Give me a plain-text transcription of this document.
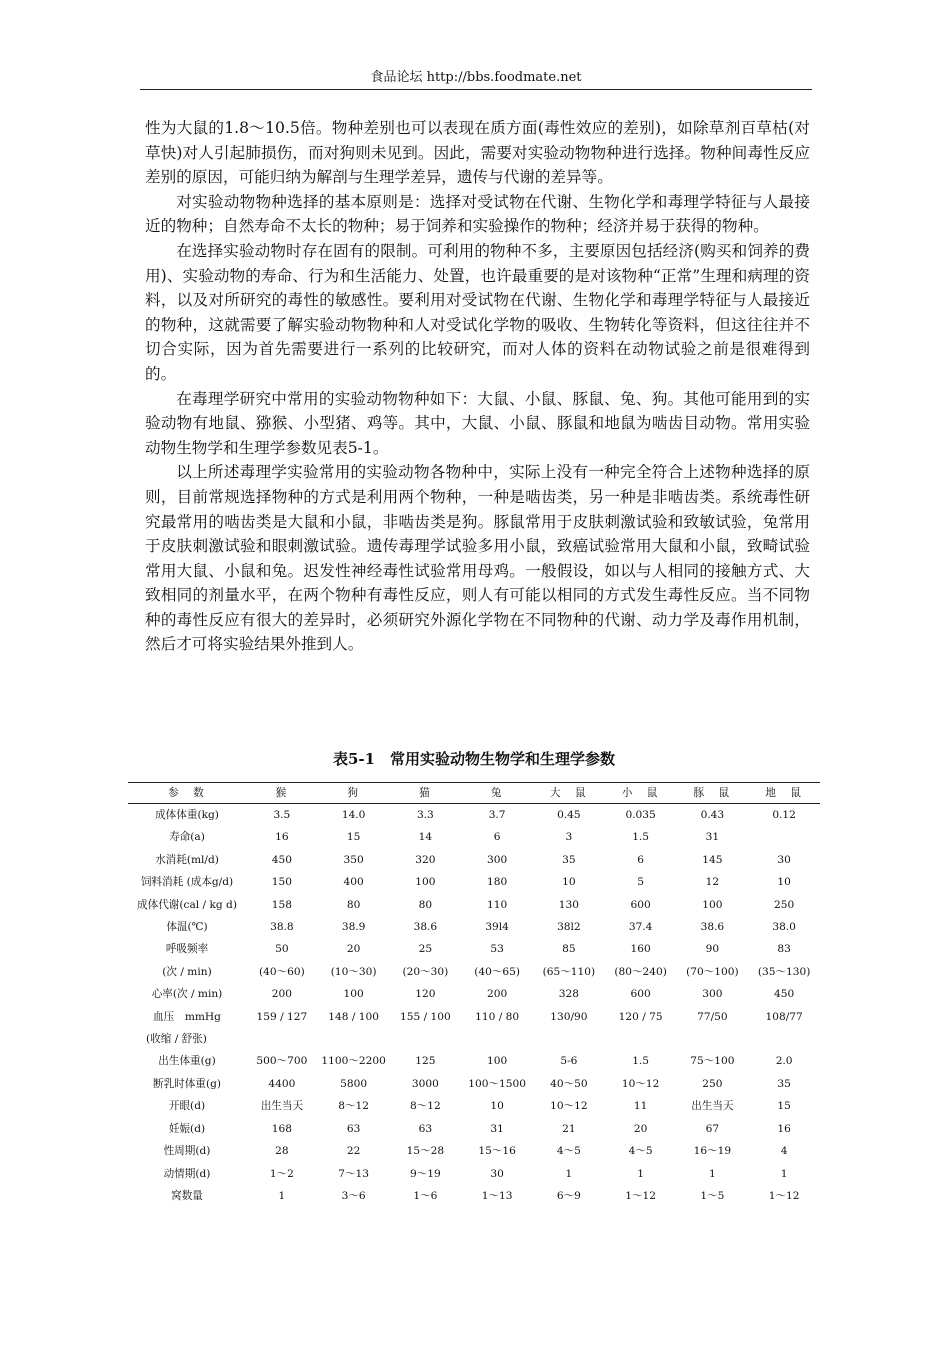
食品论坛 http://bbs.foodmate.net

性为大鼠的1.8～10.5倍。物种差别也可以表现在质方面(毒性效应的差别)，如除草剂百草枯(对草快)对人引起肺损伤，而对狗则未见到。因此，需要对实验动物物种进行选择。物种间毒性反应差别的原因，可能归纳为解剖与生理学差异，遗传与代谢的差异等。

对实验动物物种选择的基本原则是：选择对受试物在代谢、生物化学和毒理学特征与人最接近的物种；自然寿命不太长的物种；易于饲养和实验操作的物种；经济并易于获得的物种。

在选择实验动物时存在固有的限制。可利用的物种不多，主要原因包括经济(购买和饲养的费用)、实验动物的寿命、行为和生活能力、处置，也许最重要的是对该物种“正常”生理和病理的资料，以及对所研究的毒性的敏感性。要利用对受试物在代谢、生物化学和毒理学特征与人最接近的物种，这就需要了解实验动物物种和人对受试化学物的吸收、生物转化等资料，但这往往并不切合实际，因为首先需要进行一系列的比较研究，而对人体的资料在动物试验之前是很难得到的。

在毒理学研究中常用的实验动物物种如下：大鼠、小鼠、豚鼠、兔、狗。其他可能用到的实验动物有地鼠、猕猴、小型猪、鸡等。其中，大鼠、小鼠、豚鼠和地鼠为啮齿目动物。常用实验动物生物学和生理学参数见表5-1。

以上所述毒理学实验常用的实验动物各物种中，实际上没有一种完全符合上述物种选择的原则，目前常规选择物种的方式是利用两个物种，一种是啮齿类，另一种是非啮齿类。系统毒性研究最常用的啮齿类是大鼠和小鼠，非啮齿类是狗。豚鼠常用于皮肤刺激试验和致敏试验，兔常用于皮肤刺激试验和眼刺激试验。遗传毒理学试验多用小鼠，致癌试验常用大鼠和小鼠，致畸试验常用大鼠、小鼠和兔。迟发性神经毒性试验常用母鸡。一般假设，如以与人相同的接触方式、大致相同的剂量水平，在两个物种有毒性反应，则人有可能以相同的方式发生毒性反应。当不同物种的毒性反应有很大的差异时，必须研究外源化学物在不同物种的代谢、动力学及毒作用机制，然后才可将实验结果外推到人。

表5-1　常用实验动物生物学和生理学参数
参　数	猴	狗	猫	兔	大　鼠	小　鼠	豚　鼠	地　鼠
成体体重(kg)	3.5	14.0	3.3	3.7	0.45	0.035	0.43	0.12
寿命(a)	16	15	14	6	3	1.5	31	
水消耗(ml/d)	450	350	320	300	35	6	145	30
饲料消耗 (成本g/d)	150	400	100	180	10	5	12	10
成体代谢(cal / kg d)	158	80	80	110	130	600	100	250
体温(℃)	38.8	38.9	38.6	39l4	38l2	37.4	38.6	38.0
呼吸频率	50	20	25	53	85	160	90	83
(次 / min)	(40～60)	(10～30)	(20～30)	(40～65)	(65～110)	(80～240)	(70～100)	(35～130)
心率(次 / min)	200	100	120	200	328	600	300	450
血压　mmHg	159 / 127	148 / 100	155 / 100	110 / 80	130/90	120 / 75	77/50	108/77
(收缩 / 舒张)								
出生体重(g)	500～700	1100～2200	125	100	5-6	1.5	75～100	2.0
断乳时体重(g)	4400	5800	3000	100～1500	40～50	10～12	250	35
开眼(d)	出生当天	8～12	8～12	10	10～12	11	出生当天	15
妊娠(d)	168	63	63	31	21	20	67	16
性周期(d)	28	22	15～28	15～16	4～5	4～5	16～19	4
动情期(d)	1～2	7～13	9～19	30	1	1	1	1
窝数量	1	3～6	1～6	1～13	6～9	1～12	1～5	1～12
